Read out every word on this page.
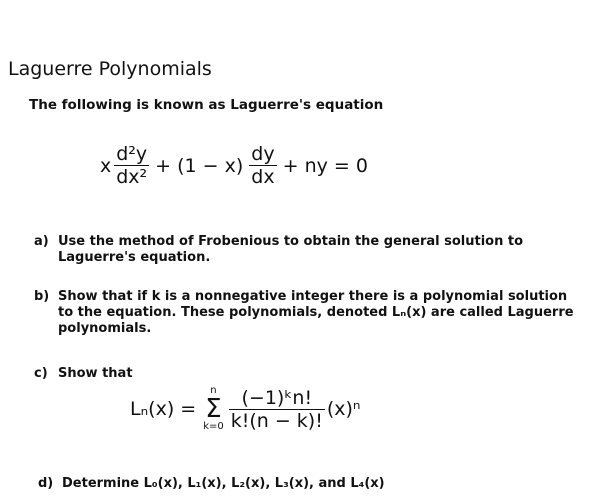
Laguerre Polynomials
The following is known as Laguerre's equation
x $\frac{\text{d²y}}{\text{dx²}} + (1 - x) \frac{dy}{dx}$ + ny = 0
a) Use the method of Frobenious to obtain the general solution to Laguerre's equation.
b) Show that if k is a nonnegative integer there is a polynomial solution to the equation. These polynomials, denoted Lₙ(x) are called Laguerre polynomials.
c) Show that
Lₙ(x) =
n
Σ
$k=0 \frac{\text{(−1)ᵏn!}}{k!(n - k)!} (x)^n$
d) Determine L₀(x), L₁(x), L₂(x), L₃(x), and L₄(x)
